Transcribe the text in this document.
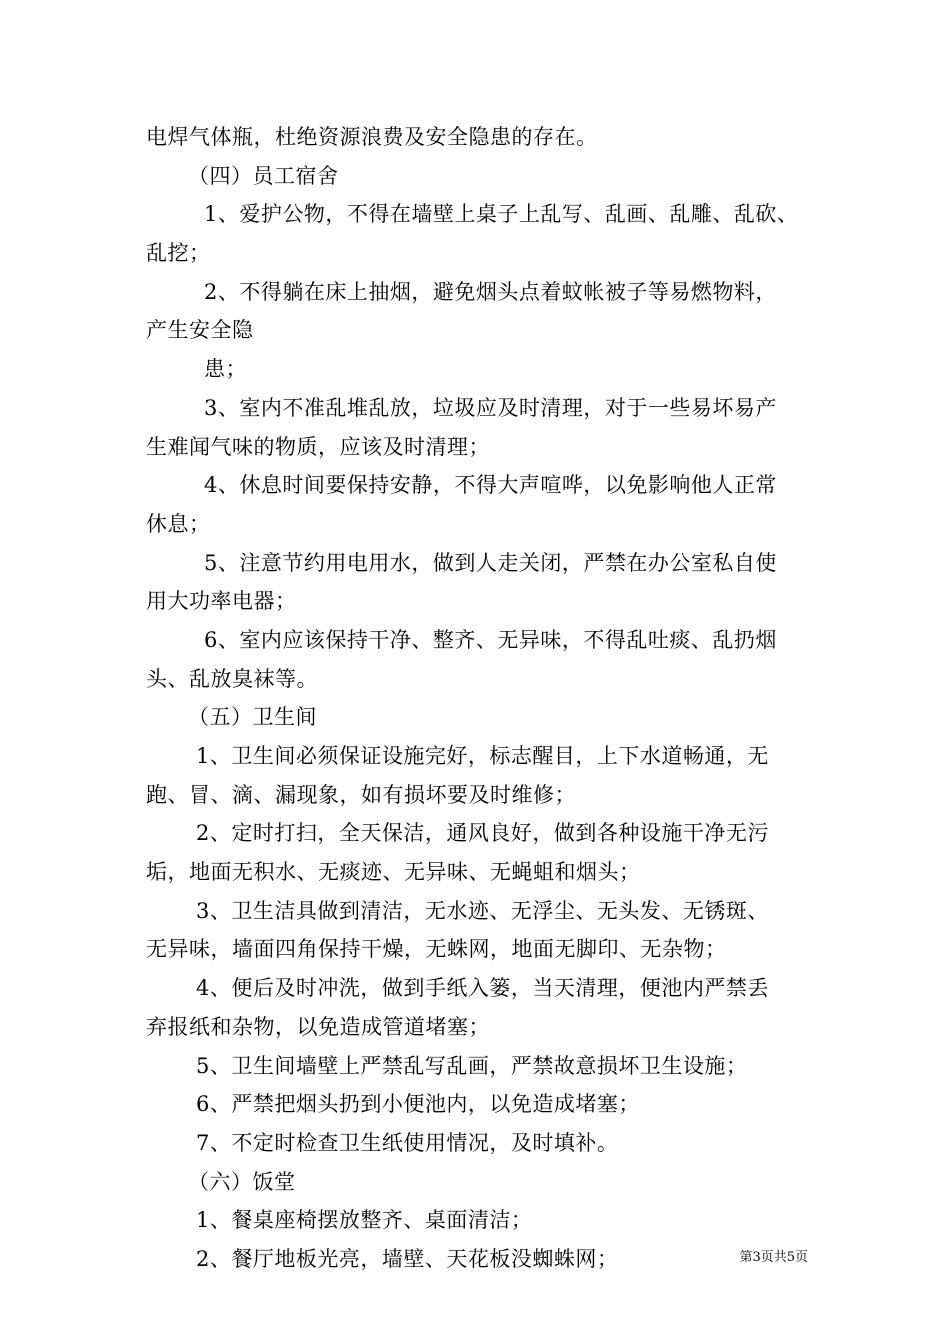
电焊气体瓶，杜绝资源浪费及安全隐患的存在。
（四）员工宿舍
1、爱护公物，不得在墙壁上桌子上乱写、乱画、乱雕、乱砍、
乱挖；
2、不得躺在床上抽烟，避免烟头点着蚊帐被子等易燃物料，
产生安全隐
患；
3、室内不准乱堆乱放，垃圾应及时清理，对于一些易坏易产
生难闻气味的物质，应该及时清理；
4、休息时间要保持安静，不得大声喧哗，以免影响他人正常
休息；
5、注意节约用电用水，做到人走关闭，严禁在办公室私自使
用大功率电器；
6、室内应该保持干净、整齐、无异味，不得乱吐痰、乱扔烟
头、乱放臭袜等。
（五）卫生间
1、卫生间必须保证设施完好，标志醒目，上下水道畅通，无
跑、冒、滴、漏现象，如有损坏要及时维修；
2、定时打扫，全天保洁，通风良好，做到各种设施干净无污
垢，地面无积水、无痰迹、无异味、无蝇蛆和烟头；
3、卫生洁具做到清洁，无水迹、无浮尘、无头发、无锈斑、
无异味，墙面四角保持干燥，无蛛网，地面无脚印、无杂物；
4、便后及时冲洗，做到手纸入篓，当天清理，便池内严禁丢
弃报纸和杂物，以免造成管道堵塞；
5、卫生间墙壁上严禁乱写乱画，严禁故意损坏卫生设施；
6、严禁把烟头扔到小便池内，以免造成堵塞；
7、不定时检查卫生纸使用情况，及时填补。
（六）饭堂
1、餐桌座椅摆放整齐、桌面清洁；
2、餐厅地板光亮，墙壁、天花板没蜘蛛网；	第3页共5页
